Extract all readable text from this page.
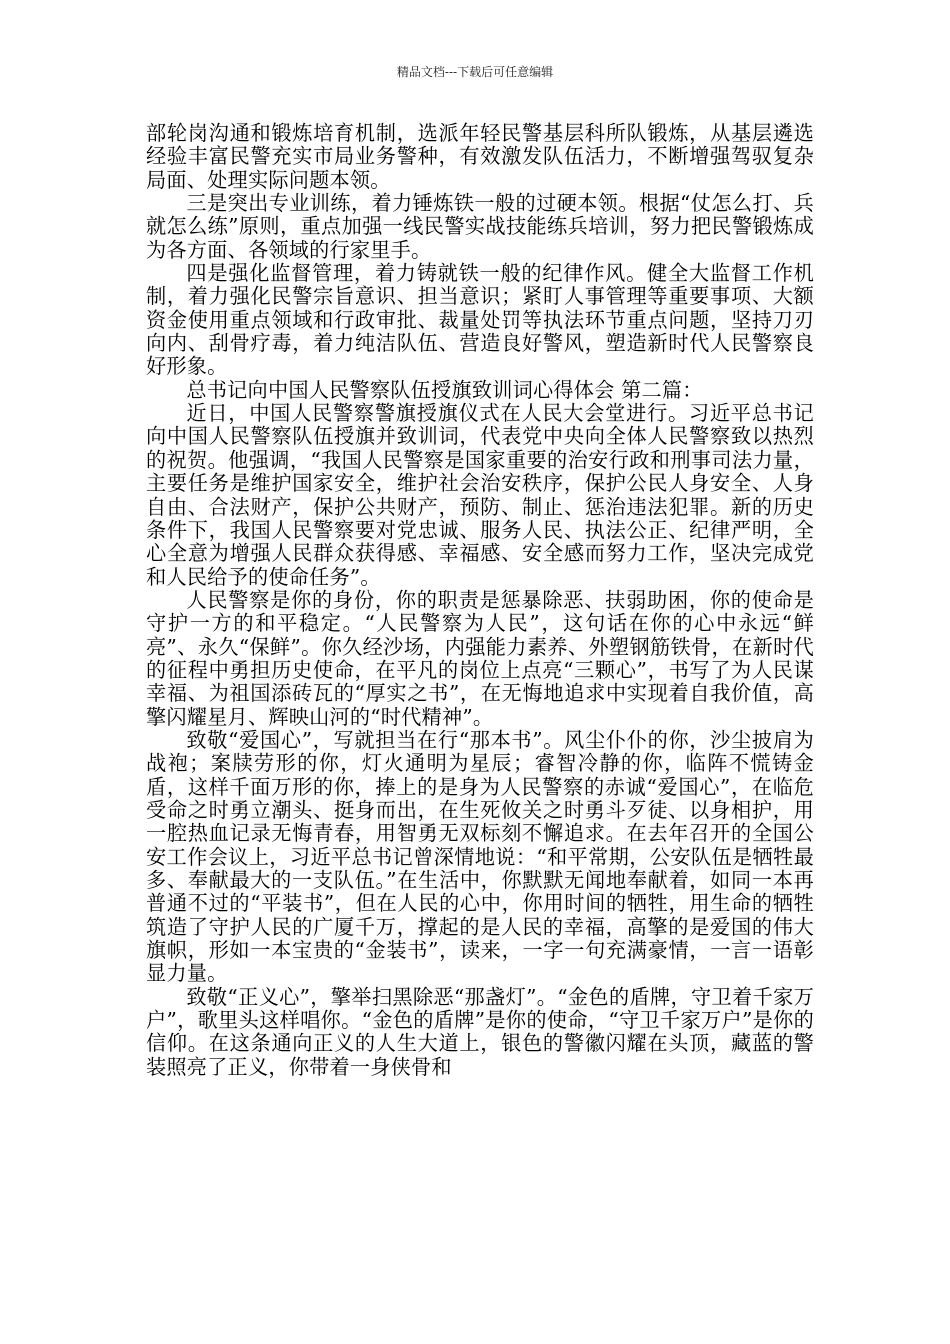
精品文档---下载后可任意编辑

部轮岗沟通和锻炼培育机制，选派年轻民警基层科所队锻炼，从基层遴选经验丰富民警充实市局业务警种，有效激发队伍活力，不断增强驾驭复杂局面、处理实际问题本领。

三是突出专业训练，着力锤炼铁一般的过硬本领。根据“仗怎么打、兵就怎么练”原则，重点加强一线民警实战技能练兵培训，努力把民警锻炼成为各方面、各领域的行家里手。

四是强化监督管理，着力铸就铁一般的纪律作风。健全大监督工作机制，着力强化民警宗旨意识、担当意识；紧盯人事管理等重要事项、大额资金使用重点领域和行政审批、裁量处罚等执法环节重点问题，坚持刀刃向内、刮骨疗毒，着力纯洁队伍、营造良好警风，塑造新时代人民警察良好形象。

总书记向中国人民警察队伍授旗致训词心得体会 第二篇：

近日，中国人民警察警旗授旗仪式在人民大会堂进行。习近平总书记向中国人民警察队伍授旗并致训词，代表党中央向全体人民警察致以热烈的祝贺。他强调，“我国人民警察是国家重要的治安行政和刑事司法力量，主要任务是维护国家安全，维护社会治安秩序，保护公民人身安全、人身自由、合法财产，保护公共财产，预防、制止、惩治违法犯罪。新的历史条件下，我国人民警察要对党忠诚、服务人民、执法公正、纪律严明，全心全意为增强人民群众获得感、幸福感、安全感而努力工作，坚决完成党和人民给予的使命任务”。

人民警察是你的身份，你的职责是惩暴除恶、扶弱助困，你的使命是守护一方的和平稳定。“人民警察为人民”，这句话在你的心中永远“鲜亮”、永久“保鲜”。你久经沙场，内强能力素养、外塑钢筋铁骨，在新时代的征程中勇担历史使命，在平凡的岗位上点亮“三颗心”，书写了为人民谋幸福、为祖国添砖瓦的“厚实之书”，在无悔地追求中实现着自我价值，高擎闪耀星月、辉映山河的“时代精神”。

致敬“爱国心”，写就担当在行“那本书”。风尘仆仆的你，沙尘披肩为战袍；案牍劳形的你，灯火通明为星辰；睿智冷静的你，临阵不慌铸金盾，这样千面万形的你，捧上的是身为人民警察的赤诚“爱国心”，在临危受命之时勇立潮头、挺身而出，在生死攸关之时勇斗歹徒、以身相护，用一腔热血记录无悔青春，用智勇无双标刻不懈追求。在去年召开的全国公安工作会议上，习近平总书记曾深情地说：“和平常期，公安队伍是牺牲最多、奉献最大的一支队伍。”在生活中，你默默无闻地奉献着，如同一本再普通不过的“平装书”，但在人民的心中，你用时间的牺牲，用生命的牺牲筑造了守护人民的广厦千万，撑起的是人民的幸福，高擎的是爱国的伟大旗帜，形如一本宝贵的“金装书”，读来，一字一句充满豪情，一言一语彰显力量。

致敬“正义心”，擎举扫黑除恶“那盏灯”。“金色的盾牌，守卫着千家万户”，歌里头这样唱你。“金色的盾牌”是你的使命，“守卫千家万户”是你的信仰。在这条通向正义的人生大道上，银色的警徽闪耀在头顶，藏蓝的警装照亮了正义，你带着一身侠骨和
